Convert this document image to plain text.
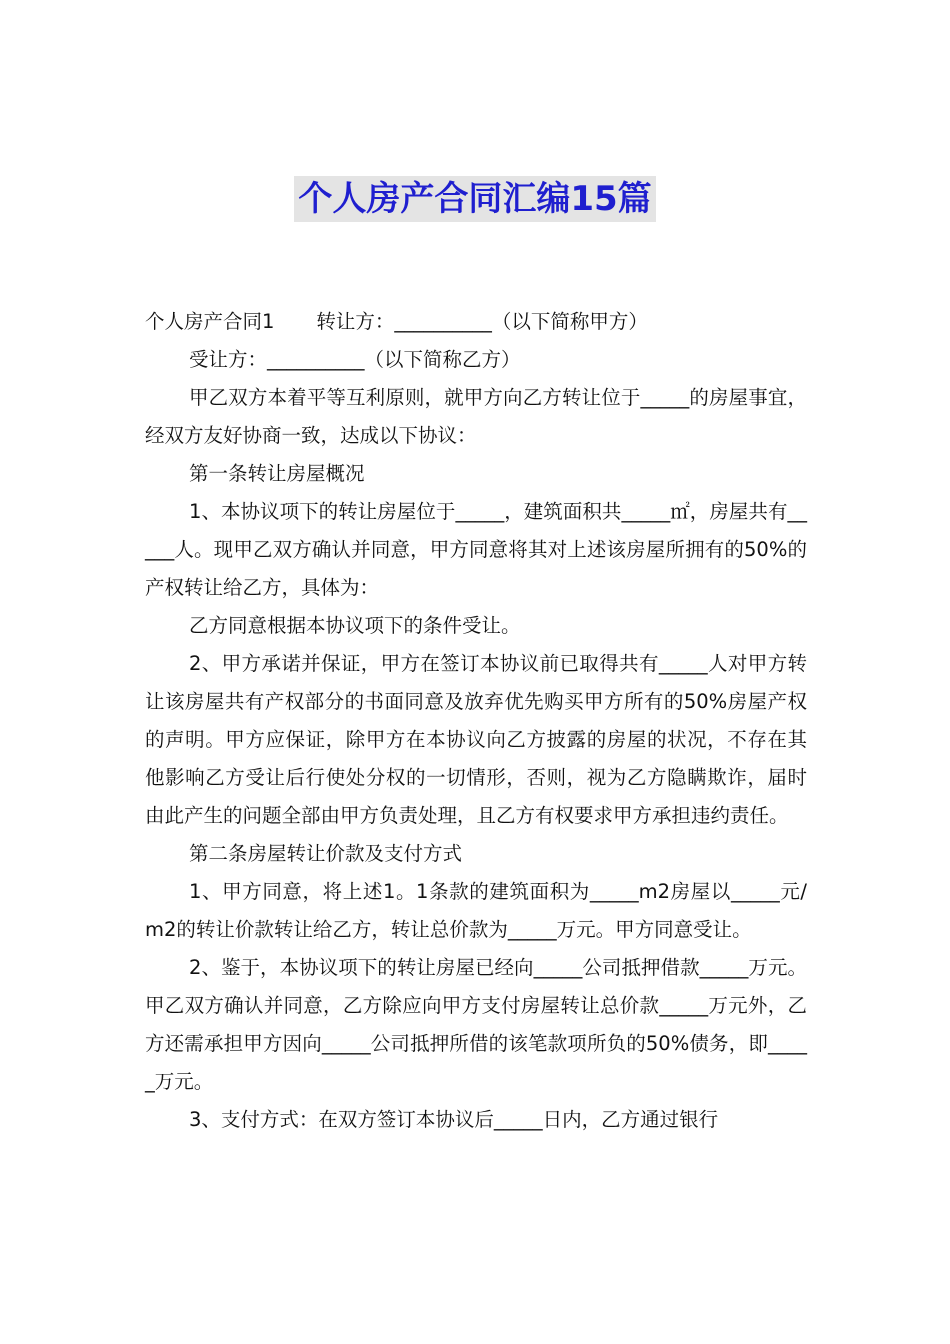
个人房产合同汇编15篇

个人房产合同1 转让方：__________（以下简称甲方）

受让方：__________（以下简称乙方）

甲乙双方本着平等互利原则，就甲方向乙方转让位于_____的房屋事宜，经双方友好协商一致，达成以下协议：

第一条转让房屋概况

1、本协议项下的转让房屋位于_____，建筑面积共_____㎡，房屋共有_____人。现甲乙双方确认并同意，甲方同意将其对上述该房屋所拥有的50%的产权转让给乙方，具体为：

乙方同意根据本协议项下的条件受让。

2、甲方承诺并保证，甲方在签订本协议前已取得共有_____人对甲方转让该房屋共有产权部分的书面同意及放弃优先购买甲方所有的50%房屋产权的声明。甲方应保证，除甲方在本协议向乙方披露的房屋的状况，不存在其他影响乙方受让后行使处分权的一切情形，否则，视为乙方隐瞒欺诈，届时由此产生的问题全部由甲方负责处理，且乙方有权要求甲方承担违约责任。

第二条房屋转让价款及支付方式

1、甲方同意，将上述1。1条款的建筑面积为_____m2房屋以_____元/m2的转让价款转让给乙方，转让总价款为_____万元。甲方同意受让。

2、鉴于，本协议项下的转让房屋已经向_____公司抵押借款_____万元。甲乙双方确认并同意，乙方除应向甲方支付房屋转让总价款_____万元外，乙方还需承担甲方因向_____公司抵押所借的该笔款项所负的50%债务，即_____万元。

3、支付方式：在双方签订本协议后_____日内，乙方通过银行
